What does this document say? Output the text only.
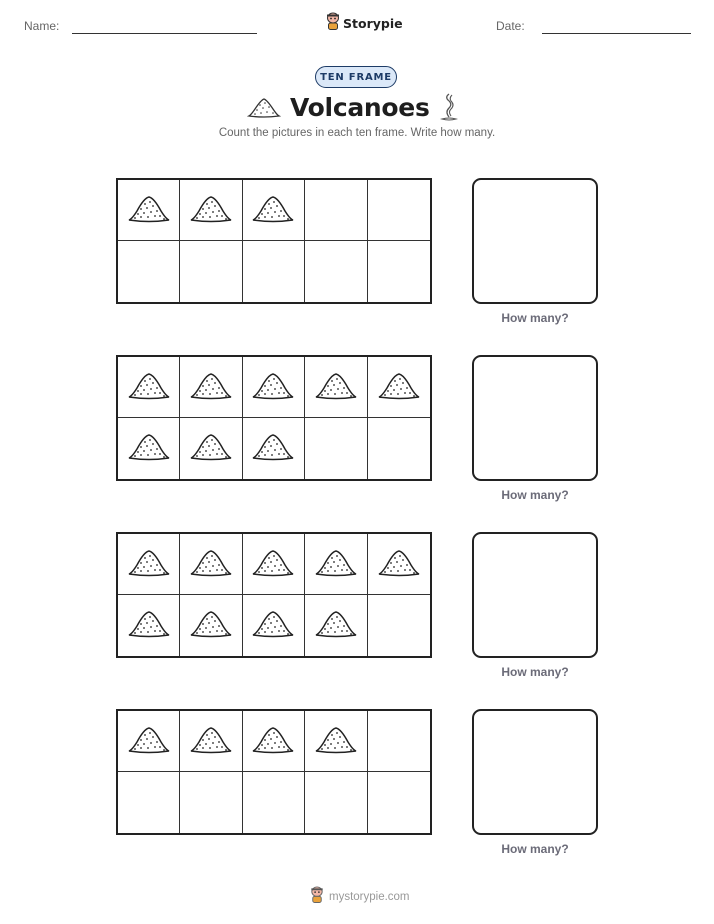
Name:	Storypie	Date:
TEN FRAME
Volcanoes
Count the pictures in each ten frame. Write how many.
How many?
How many?
How many?
How many?
mystorypie.com
